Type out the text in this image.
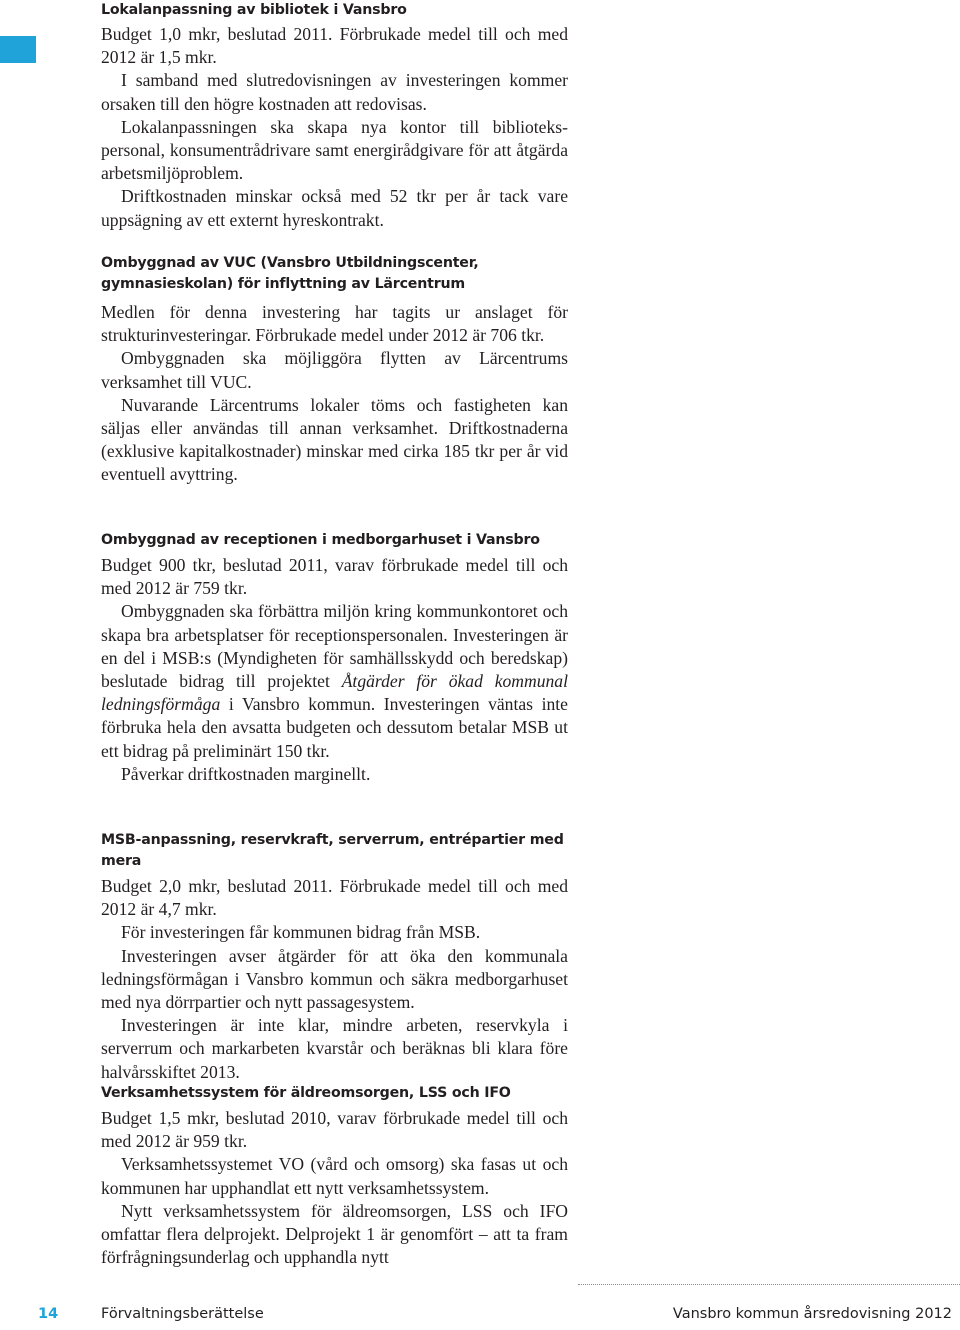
Lokalanpassning av bibliotek i Vansbro

Budget 1,0 mkr, beslutad 2011. Förbrukade medel till och med 2012 är 1,5 mkr.

I samband med slutredovisningen av investeringen kommer orsaken till den högre kostnaden att redovisas.

Lokalanpassningen ska skapa nya kontor till bibliotekspersonal, konsumentrådrivare samt energirådgivare för att åtgärda arbetsmiljöproblem.

Driftkostnaden minskar också med 52 tkr per år tack vare uppsägning av ett externt hyreskontrakt.

Ombyggnad av VUC (Vansbro Utbildningscenter, gymnasieskolan) för inflyttning av Lärcentrum

Medlen för denna investering har tagits ur anslaget för strukturinvesteringar. Förbrukade medel under 2012 är 706 tkr.

Ombyggnaden ska möjliggöra flytten av Lärcentrums verksamhet till VUC.

Nuvarande Lärcentrums lokaler töms och fastigheten kan säljas eller användas till annan verksamhet. Driftkostnaderna (exklusive kapitalkostnader) minskar med cirka 185 tkr per år vid eventuell avyttring.

Ombyggnad av receptionen i medborgarhuset i Vansbro

Budget 900 tkr, beslutad 2011, varav förbrukade medel till och med 2012 är 759 tkr.

Ombyggnaden ska förbättra miljön kring kommunkontoret och skapa bra arbetsplatser för receptionspersonalen. Investeringen är en del i MSB:s (Myndigheten för samhällsskydd och beredskap) beslutade bidrag till projektet Åtgärder för ökad kommunal ledningsförmåga i Vansbro kommun. Investeringen väntas inte förbruka hela den avsatta budgeten och dessutom betalar MSB ut ett bidrag på preliminärt 150 tkr.

Påverkar driftkostnaden marginellt.

MSB-anpassning, reservkraft, serverrum, entrépartier med mera

Budget 2,0 mkr, beslutad 2011. Förbrukade medel till och med 2012 är 4,7 mkr.

För investeringen får kommunen bidrag från MSB.

Investeringen avser åtgärder för att öka den kommunala ledningsförmågan i Vansbro kommun och säkra medborgarhuset med nya dörrpartier och nytt passagesystem.

Investeringen är inte klar, mindre arbeten, reservkyla i serverrum och markarbeten kvarstår och beräknas bli klara före halvårsskiftet 2013.

Verksamhetssystem för äldreomsorgen, LSS och IFO

Budget 1,5 mkr, beslutad 2010, varav förbrukade medel till och med 2012 är 959 tkr.

Verksamhetssystemet VO (vård och omsorg) ska fasas ut och kommunen har upphandlat ett nytt verksamhetssystem.

Nytt verksamhetssystem för äldreomsorgen, LSS och IFO omfattar flera delprojekt. Delprojekt 1 är genomfört – att ta fram förfrågningsunderlag och upphandla nytt

14	Förvaltningsberättelse	Vansbro kommun årsredovisning 2012
